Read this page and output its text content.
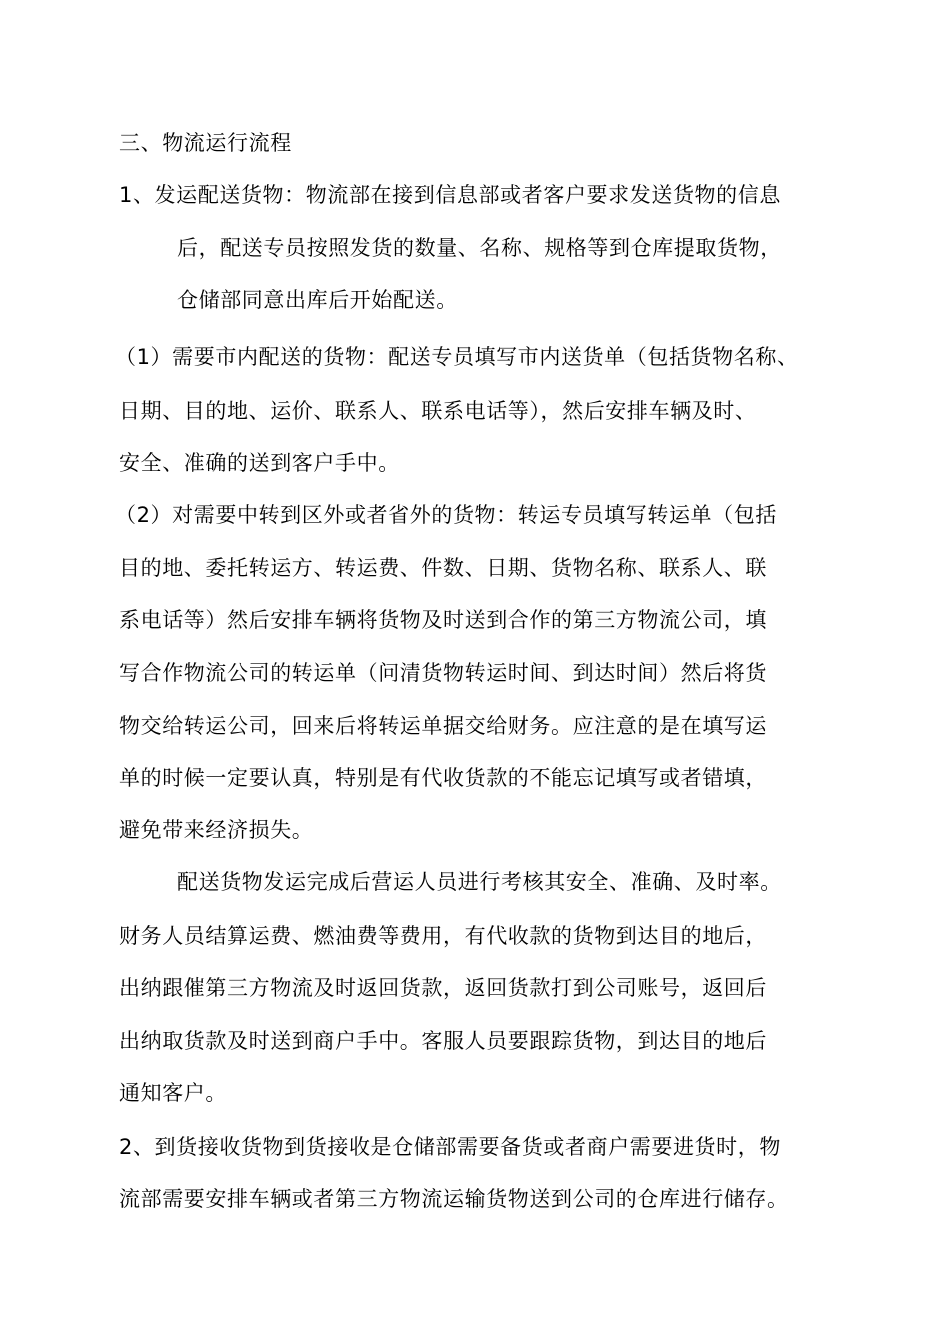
三、物流运行流程
1、发运配送货物：物流部在接到信息部或者客户要求发送货物的信息
后，配送专员按照发货的数量、名称、规格等到仓库提取货物，
仓储部同意出库后开始配送。
（1）需要市内配送的货物：配送专员填写市内送货单（包括货物名称、
日期、目的地、运价、联系人、联系电话等），然后安排车辆及时、
安全、准确的送到客户手中。
（2）对需要中转到区外或者省外的货物：转运专员填写转运单（包括
目的地、委托转运方、转运费、件数、日期、货物名称、联系人、联
系电话等）然后安排车辆将货物及时送到合作的第三方物流公司，填
写合作物流公司的转运单（问清货物转运时间、到达时间）然后将货
物交给转运公司，回来后将转运单据交给财务。应注意的是在填写运
单的时候一定要认真，特别是有代收货款的不能忘记填写或者错填，
避免带来经济损失。
配送货物发运完成后营运人员进行考核其安全、准确、及时率。
财务人员结算运费、燃油费等费用，有代收款的货物到达目的地后，
出纳跟催第三方物流及时返回货款，返回货款打到公司账号，返回后
出纳取货款及时送到商户手中。客服人员要跟踪货物，到达目的地后
通知客户。
2、到货接收货物到货接收是仓储部需要备货或者商户需要进货时，物
流部需要安排车辆或者第三方物流运输货物送到公司的仓库进行储存。
